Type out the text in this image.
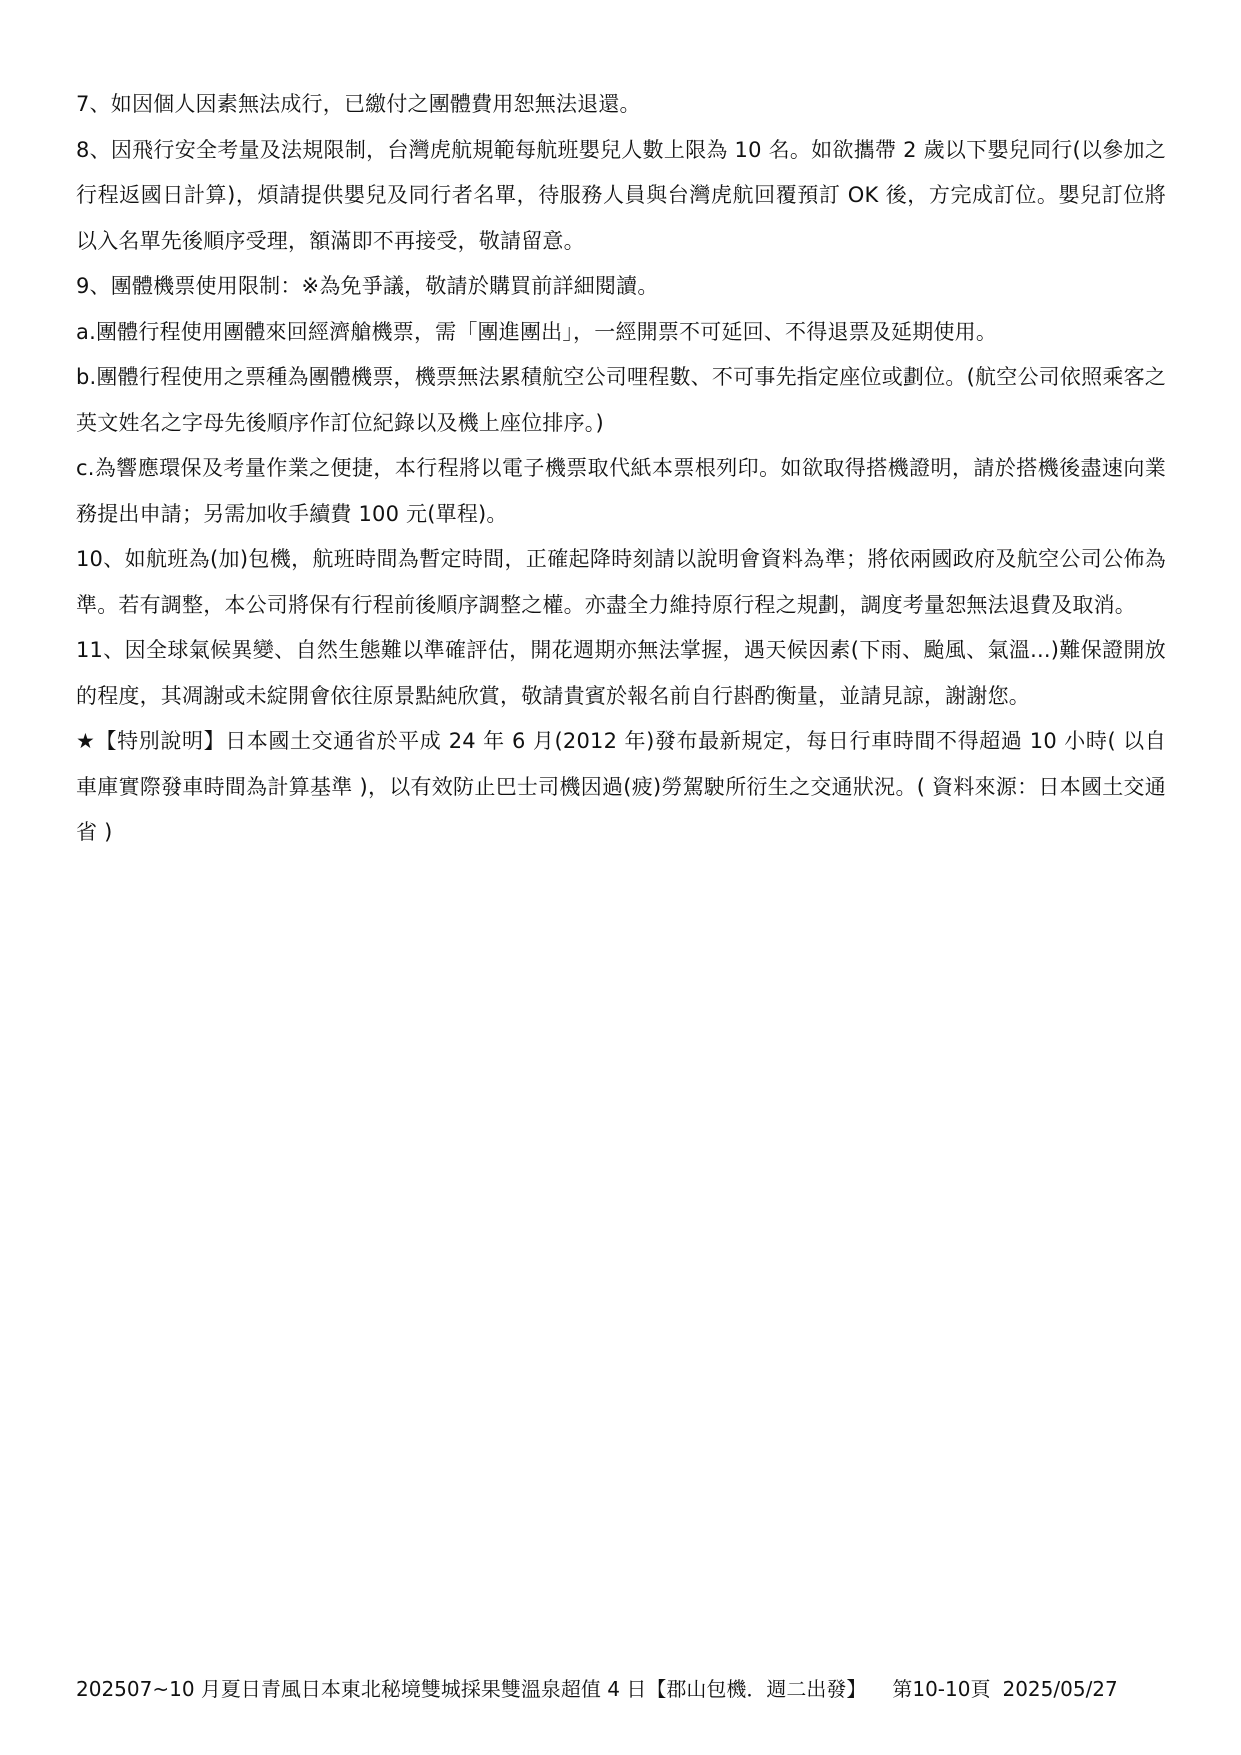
7、如因個人因素無法成行，已繳付之團體費用恕無法退還。

8、因飛行安全考量及法規限制，台灣虎航規範每航班嬰兒人數上限為 10 名。如欲攜帶 2 歲以下嬰兒同行(以參加之行程返國日計算)，煩請提供嬰兒及同行者名單，待服務人員與台灣虎航回覆預訂 OK 後，方完成訂位。嬰兒訂位將以入名單先後順序受理，額滿即不再接受，敬請留意。

9、團體機票使用限制：※為免爭議，敬請於購買前詳細閱讀。

a.團體行程使用團體來回經濟艙機票，需「團進團出」，一經開票不可延回、不得退票及延期使用。

b.團體行程使用之票種為團體機票，機票無法累積航空公司哩程數、不可事先指定座位或劃位。(航空公司依照乘客之英文姓名之字母先後順序作訂位紀錄以及機上座位排序。)

c.為響應環保及考量作業之便捷，本行程將以電子機票取代紙本票根列印。如欲取得搭機證明，請於搭機後盡速向業務提出申請；另需加收手續費 100 元(單程)。

10、如航班為(加)包機，航班時間為暫定時間，正確起降時刻請以說明會資料為準；將依兩國政府及航空公司公佈為準。若有調整，本公司將保有行程前後順序調整之權。亦盡全力維持原行程之規劃，調度考量恕無法退費及取消。

11、因全球氣候異變、自然生態難以準確評估，開花週期亦無法掌握，遇天候因素(下雨、颱風、氣溫...)難保證開放的程度，其凋謝或未綻開會依往原景點純欣賞，敬請貴賓於報名前自行斟酌衡量，並請見諒，謝謝您。

★【特別說明】日本國土交通省於平成 24 年 6 月(2012 年)發布最新規定，每日行車時間不得超過 10 小時( 以自車庫實際發車時間為計算基準 )，以有效防止巴士司機因過(疲)勞駕駛所衍生之交通狀況。( 資料來源：日本國土交通省 )

202507~10 月夏日青風日本東北秘境雙城採果雙溫泉超值 4 日【郡山包機．週二出發】 第10-10頁 2025/05/27
